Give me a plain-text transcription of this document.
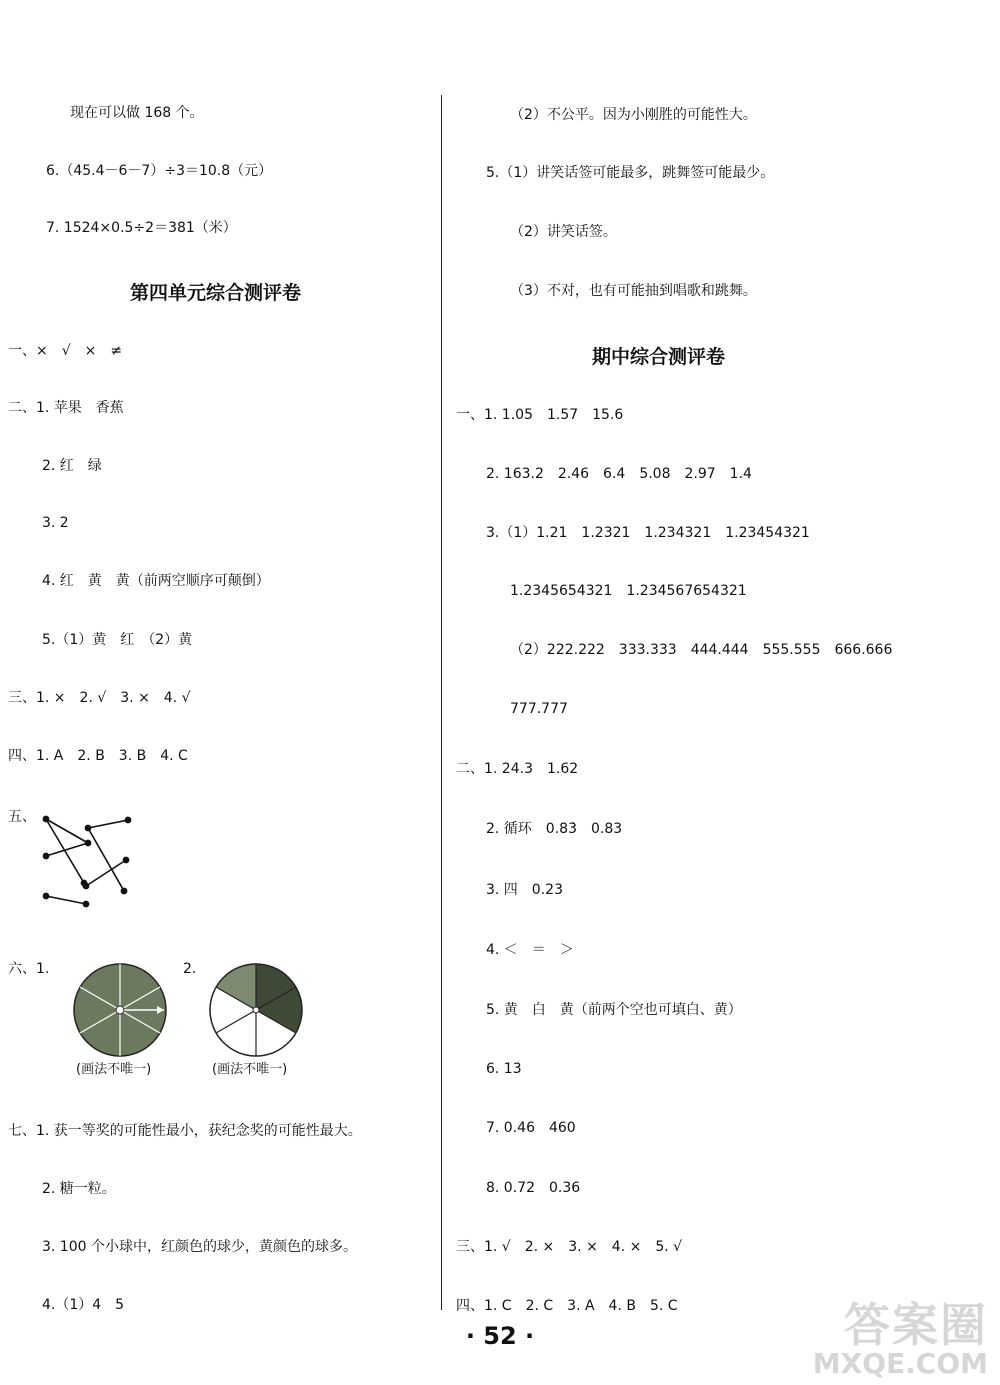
现在可以做 168 个。
6.（45.4－6－7）÷3＝10.8（元）
7. 1524×0.5÷2＝381（米）
第四单元综合测评卷
一、×　√　×　≠
二、1. 苹果　香蕉
2. 红　绿
3. 2
4. 红　黄　黄（前两空顺序可颠倒）
5.（1）黄　红　（2）黄
三、1. ×　2. √　3. ×　4. √
四、1. A　2. B　3. B　4. C
五、
六、1.	2.
(画法不唯一)	(画法不唯一)
七、1. 获一等奖的可能性最小，获纪念奖的可能性最大。
2. 糖一粒。
3. 100 个小球中，红颜色的球少，黄颜色的球多。
4.（1）4　5
（2）不公平。因为小刚胜的可能性大。
5.（1）讲笑话签可能最多，跳舞签可能最少。
（2）讲笑话签。
（3）不对，也有可能抽到唱歌和跳舞。
期中综合测评卷
一、1. 1.05　1.57　15.6
2. 163.2　2.46　6.4　5.08　2.97　1.4
3.（1）1.21　1.2321　1.234321　1.23454321
1.2345654321　1.234567654321
（2）222.222　333.333　444.444　555.555　666.666
777.777
二、1. 24.3　1.62
2. 循环　0.83̇　0.83
3. 四　0.23
4. ＜　＝　＞
5. 黄　白　黄（前两个空也可填白、黄）
6. 13
7. 0.46　460
8. 0.72　0.36
三、1. √　2. ×　3. ×　4. ×　5. √
四、1. C　2. C　3. A　4. B　5. C
· 52 ·	答案圈
MXQE.COM
